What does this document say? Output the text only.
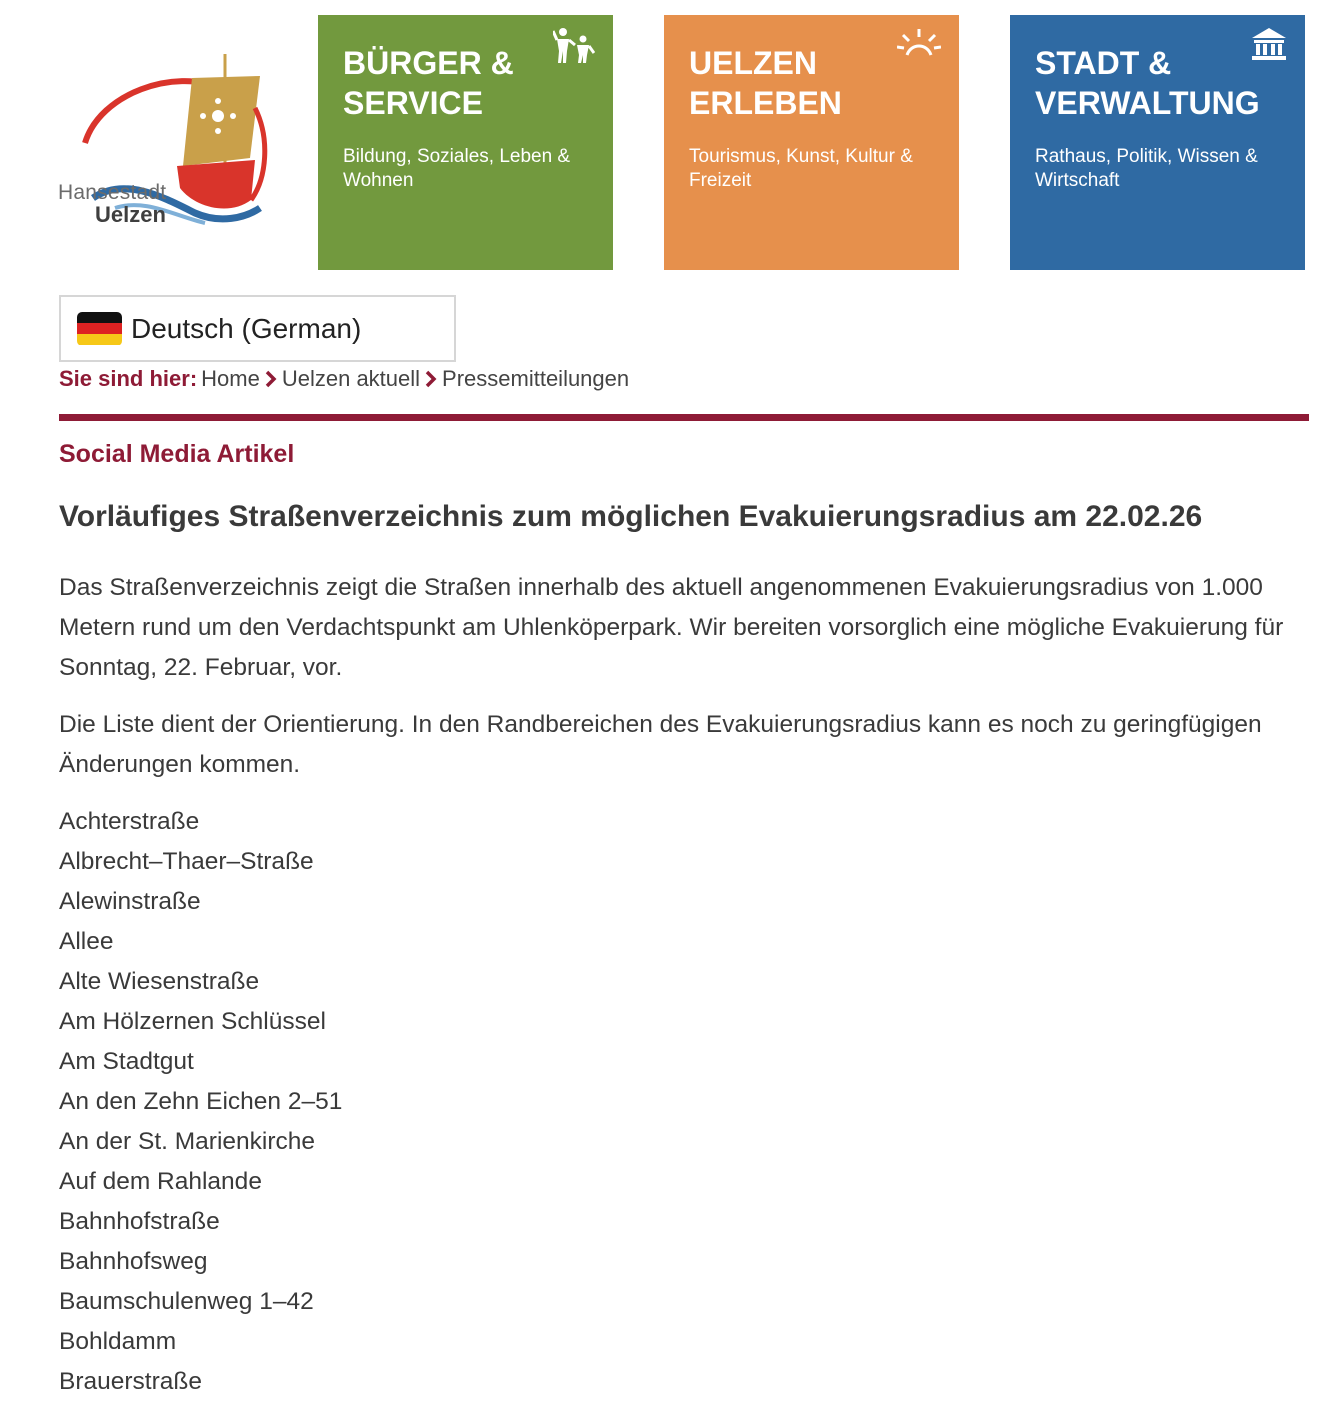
Hansestadt

Uelzen

BÜRGER & SERVICE

Bildung, Soziales, Leben & Wohnen

UELZEN ERLEBEN

Tourismus, Kunst, Kultur & Freizeit

STADT & VERWALTUNG

Rathaus, Politik, Wissen & Wirtschaft
Deutsch (German)
Sie sind hier: Home Uelzen aktuell Pressemitteilungen

Social Media Artikel

Vorläufiges Straßenverzeichnis zum möglichen Evakuierungsradius am 22.02.26

Das Straßenverzeichnis zeigt die Straßen innerhalb des aktuell angenommenen Evakuierungsradius von 1.000 Metern rund um den Verdachtspunkt am Uhlenköperpark. Wir bereiten vorsorglich eine mögliche Evakuierung für Sonntag, 22. Februar, vor.

Die Liste dient der Orientierung. In den Randbereichen des Evakuierungsradius kann es noch zu geringfügigen Änderungen kommen.

Achterstraße
Albrecht–Thaer–Straße
Alewinstraße
Allee
Alte Wiesenstraße
Am Hölzernen Schlüssel
Am Stadtgut
An den Zehn Eichen 2–51
An der St. Marienkirche
Auf dem Rahlande
Bahnhofstraße
Bahnhofsweg
Baumschulenweg 1–42
Bohldamm
Brauerstraße
